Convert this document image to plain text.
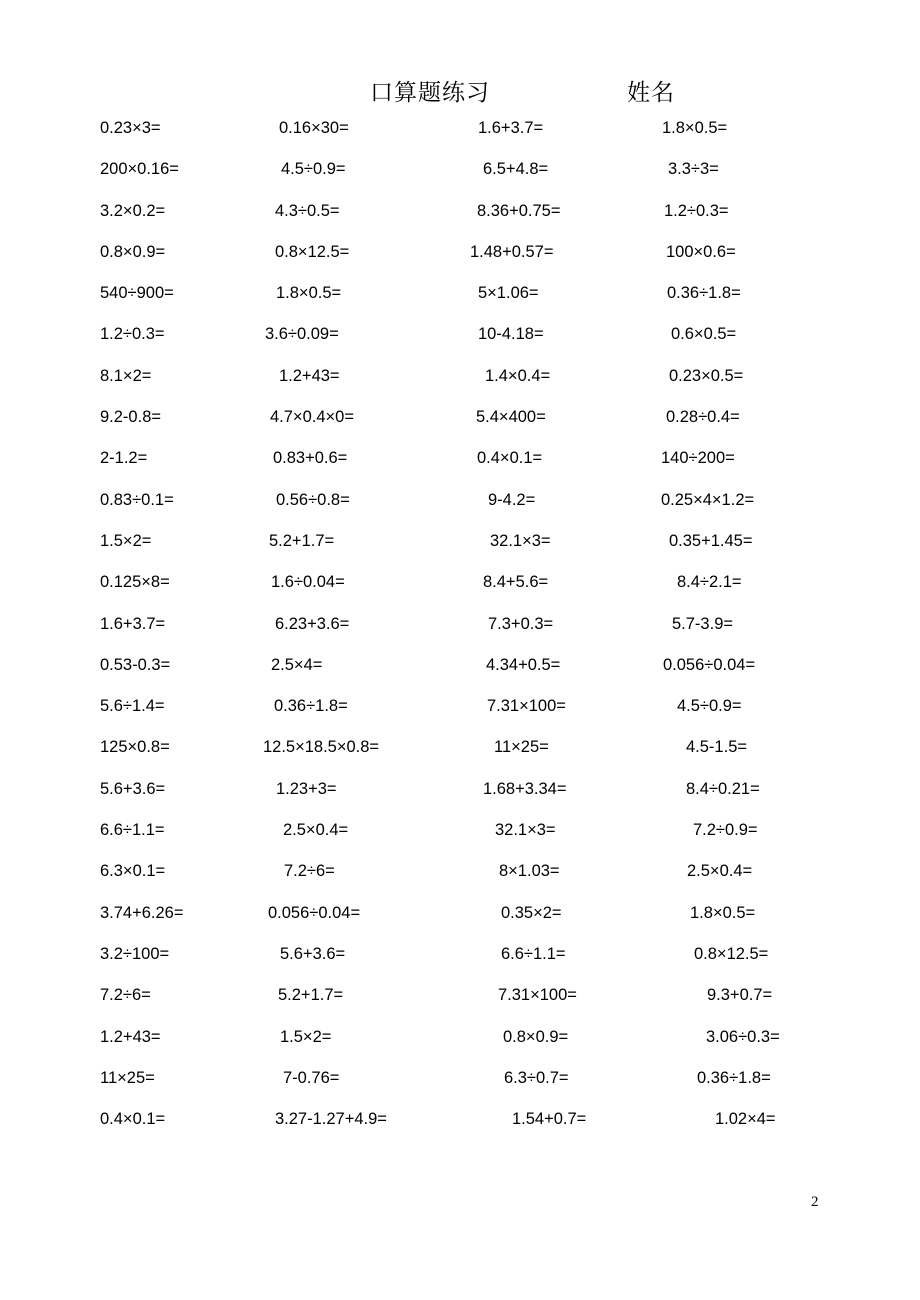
口算题练习	姓名
0.23×3=	0.16×30=	1.6+3.7=	1.8×0.5=
200×0.16=	4.5÷0.9=	6.5+4.8=	3.3÷3=
3.2×0.2=	4.3÷0.5=	8.36+0.75=	1.2÷0.3=
0.8×0.9=	0.8×12.5=	1.48+0.57=	100×0.6=
540÷900=	1.8×0.5=	5×1.06=	0.36÷1.8=
1.2÷0.3=	3.6÷0.09=	10-4.18=	0.6×0.5=
8.1×2=	1.2+43=	1.4×0.4=	0.23×0.5=
9.2-0.8=	4.7×0.4×0=	5.4×400=	0.28÷0.4=
2-1.2=	0.83+0.6=	0.4×0.1=	140÷200=
0.83÷0.1=	0.56÷0.8=	9-4.2=	0.25×4×1.2=
1.5×2=	5.2+1.7=	32.1×3=	0.35+1.45=
0.125×8=	1.6÷0.04=	8.4+5.6=	8.4÷2.1=
1.6+3.7=	6.23+3.6=	7.3+0.3=	5.7-3.9=
0.53-0.3=	2.5×4=	4.34+0.5=	0.056÷0.04=
5.6÷1.4=	0.36÷1.8=	7.31×100=	4.5÷0.9=
125×0.8=	12.5×18.5×0.8=	11×25=	4.5-1.5=
5.6+3.6=	1.23+3=	1.68+3.34=	8.4÷0.21=
6.6÷1.1=	2.5×0.4=	32.1×3=	7.2÷0.9=
6.3×0.1=	7.2÷6=	8×1.03=	2.5×0.4=
3.74+6.26=	0.056÷0.04=	0.35×2=	1.8×0.5=
3.2÷100=	5.6+3.6=	6.6÷1.1=	0.8×12.5=
7.2÷6=	5.2+1.7=	7.31×100=	9.3+0.7=
1.2+43=	1.5×2=	0.8×0.9=	3.06÷0.3=
11×25=	7-0.76=	6.3÷0.7=	0.36÷1.8=
0.4×0.1=	3.27-1.27+4.9=	1.54+0.7=	1.02×4=
2
